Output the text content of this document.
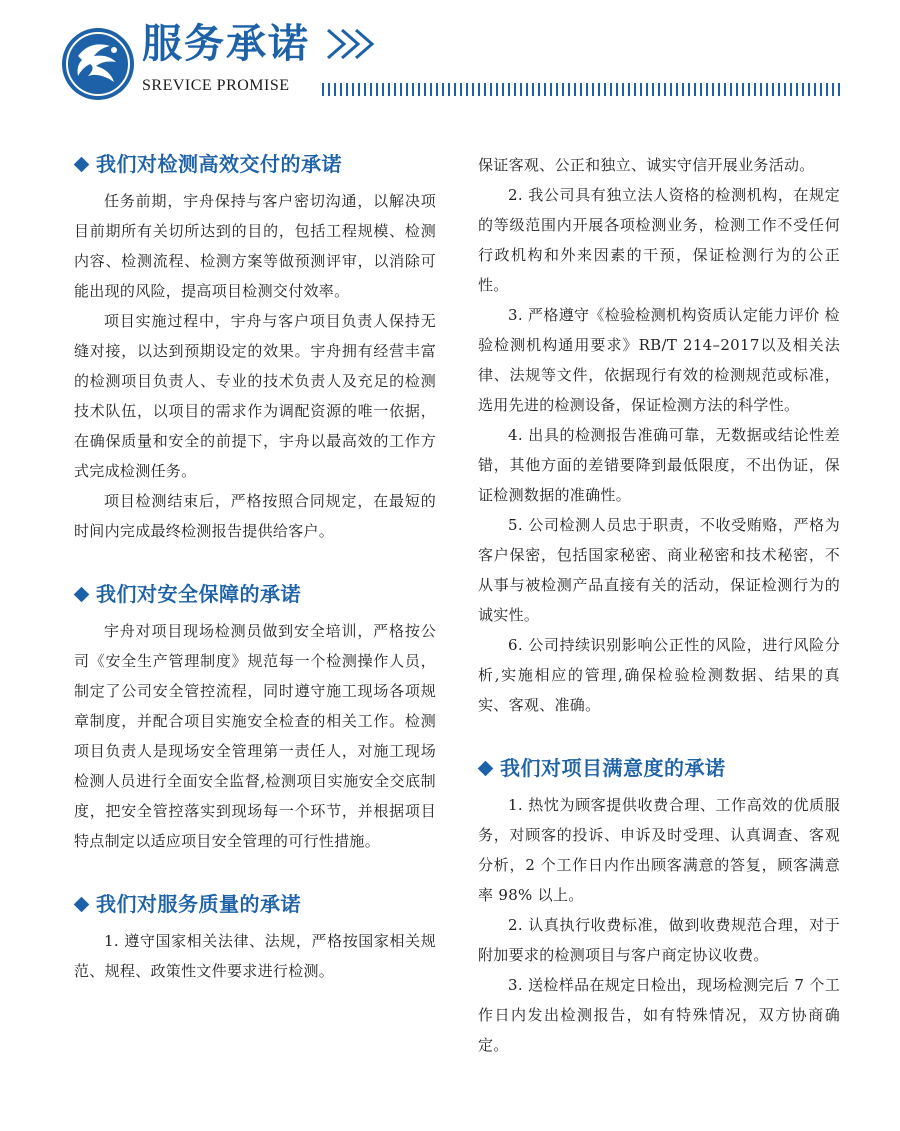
服务承诺
SREVICE PROMISE
我们对检测高效交付的承诺

任务前期，宇舟保持与客户密切沟通，以解决项目前期所有关切所达到的目的，包括工程规模、检测内容、检测流程、检测方案等做预测评审，以消除可能出现的风险，提高项目检测交付效率。

项目实施过程中，宇舟与客户项目负责人保持无缝对接，以达到预期设定的效果。宇舟拥有经营丰富的检测项目负责人、专业的技术负责人及充足的检测技术队伍，以项目的需求作为调配资源的唯一依据，在确保质量和安全的前提下，宇舟以最高效的工作方式完成检测任务。

项目检测结束后，严格按照合同规定，在最短的时间内完成最终检测报告提供给客户。

我们对安全保障的承诺

宇舟对项目现场检测员做到安全培训，严格按公司《安全生产管理制度》规范每一个检测操作人员，制定了公司安全管控流程，同时遵守施工现场各项规章制度，并配合项目实施安全检查的相关工作。检测项目负责人是现场安全管理第一责任人，对施工现场检测人员进行全面安全监督,检测项目实施安全交底制度，把安全管控落实到现场每一个环节，并根据项目特点制定以适应项目安全管理的可行性措施。

我们对服务质量的承诺

1. 遵守国家相关法律、法规，严格按国家相关规范、规程、政策性文件要求进行检测。

保证客观、公正和独立、诚实守信开展业务活动。

2. 我公司具有独立法人资格的检测机构，在规定的等级范围内开展各项检测业务，检测工作不受任何行政机构和外来因素的干预，保证检测行为的公正性。

3. 严格遵守《检验检测机构资质认定能力评价 检验检测机构通用要求》RB/T 214–2017以及相关法律、法规等文件，依据现行有效的检测规范或标准，选用先进的检测设备，保证检测方法的科学性。

4. 出具的检测报告准确可靠，无数据或结论性差错，其他方面的差错要降到最低限度，不出伪证，保证检测数据的准确性。

5. 公司检测人员忠于职责，不收受贿赂，严格为客户保密，包括国家秘密、商业秘密和技术秘密，不从事与被检测产品直接有关的活动，保证检测行为的诚实性。

6. 公司持续识别影响公正性的风险，进行风险分析,实施相应的管理,确保检验检测数据、结果的真实、客观、准确。

我们对项目满意度的承诺

1. 热忱为顾客提供收费合理、工作高效的优质服务，对顾客的投诉、申诉及时受理、认真调查、客观分析，2 个工作日内作出顾客满意的答复，顾客满意率 98% 以上。

2. 认真执行收费标准，做到收费规范合理，对于附加要求的检测项目与客户商定协议收费。

3. 送检样品在规定日检出，现场检测完后 7 个工作日内发出检测报告，如有特殊情况，双方协商确定。
